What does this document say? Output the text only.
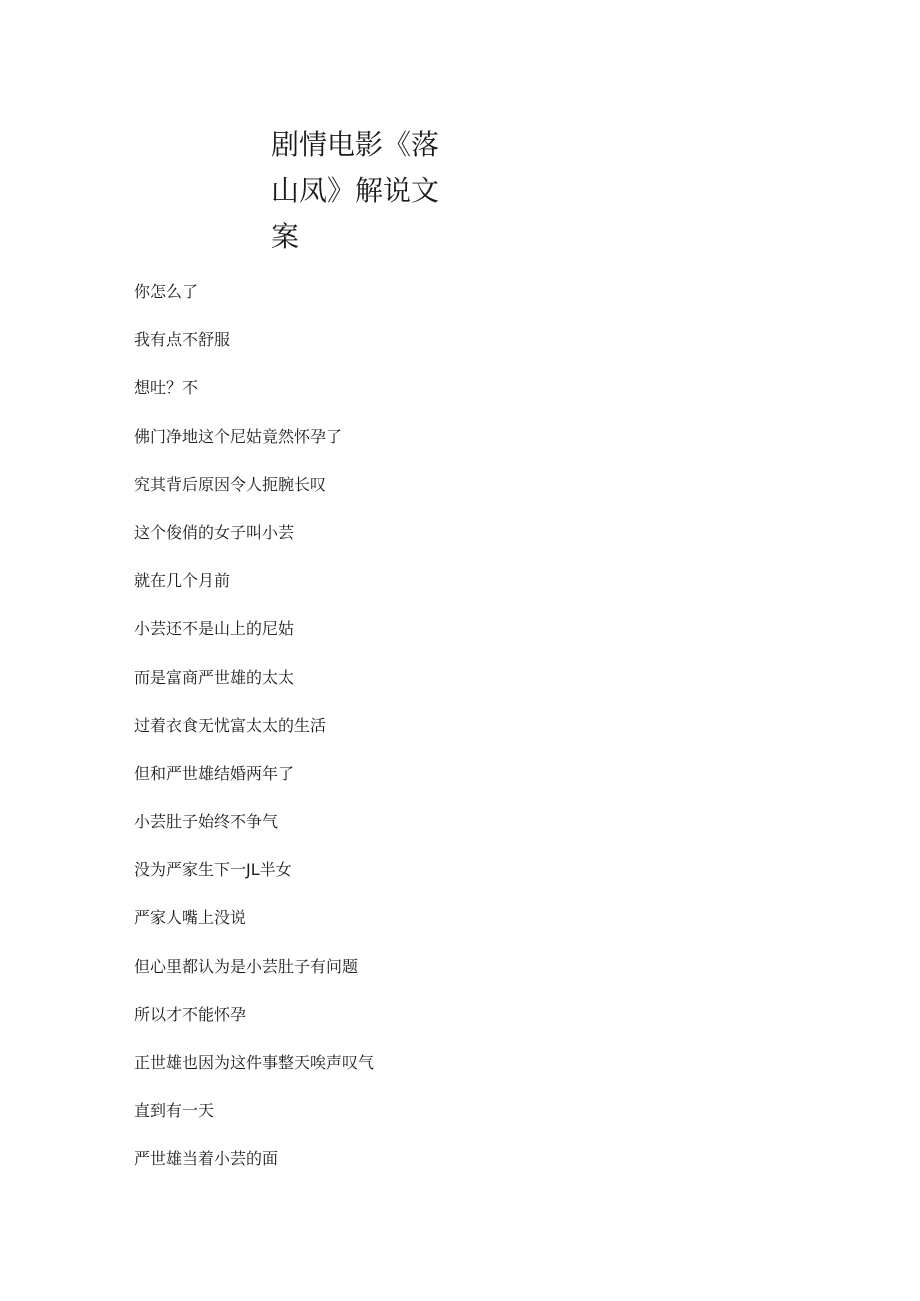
剧情电影《落
山凤》解说文
案
你怎么了
我有点不舒服
想吐？不
佛门净地这个尼姑竟然怀孕了
究其背后原因令人扼腕长叹
这个俊俏的女子叫小芸
就在几个月前
小芸还不是山上的尼姑
而是富商严世雄的太太
过着衣食无忧富太太的生活
但和严世雄结婚两年了
小芸肚子始终不争气
没为严家生下一JL半女
严家人嘴上没说
但心里都认为是小芸肚子有问题
所以才不能怀孕
正世雄也因为这件事整天唉声叹气
直到有一天
严世雄当着小芸的面
